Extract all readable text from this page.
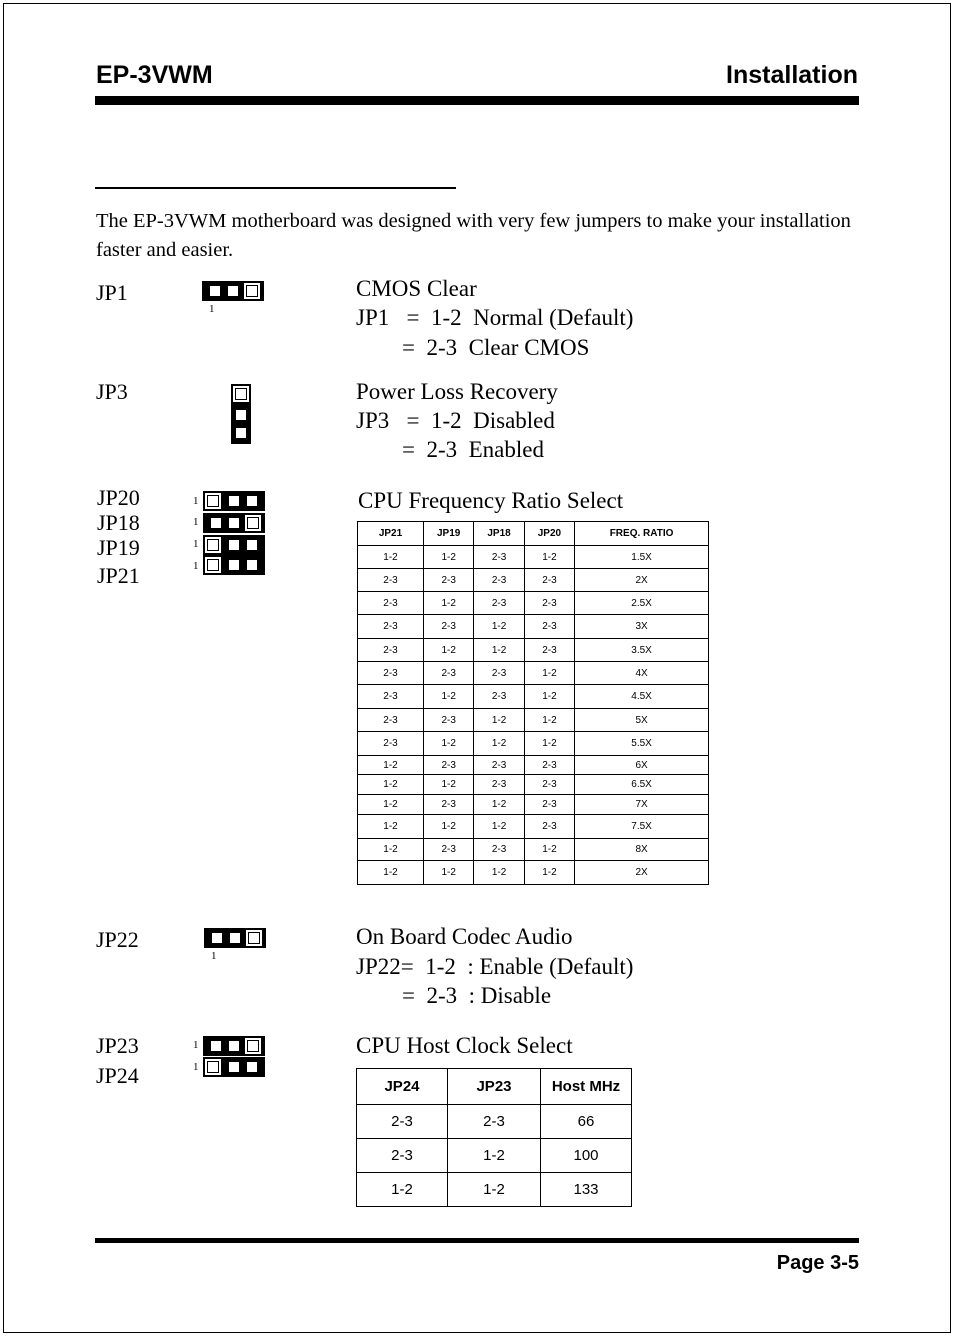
EP-3VWM	Installation
The EP-3VWM motherboard was designed with very few jumpers to make your installation faster and easier.
JP1
1
CMOS Clear
JP1   =  1-2  Normal (Default)
=  2-3  Clear CMOS
JP3	Power Loss Recovery
JP3   =  1-2  Disabled
=  2-3  Enabled
JP20
JP18
JP19
JP21
1
1
1
1
CPU Frequency Ratio Select
JP21	JP19	JP18	JP20	FREQ. RATIO
1-2	1-2	2-3	1-2	1.5X
2-3	2-3	2-3	2-3	2X
2-3	1-2	2-3	2-3	2.5X
2-3	2-3	1-2	2-3	3X
2-3	1-2	1-2	2-3	3.5X
2-3	2-3	2-3	1-2	4X
2-3	1-2	2-3	1-2	4.5X
2-3	2-3	1-2	1-2	5X
2-3	1-2	1-2	1-2	5.5X
1-2	2-3	2-3	2-3	6X
1-2	1-2	2-3	2-3	6.5X
1-2	2-3	1-2	2-3	7X
1-2	1-2	1-2	2-3	7.5X
1-2	2-3	2-3	1-2	8X
1-2	1-2	1-2	1-2	2X
JP22
1
On Board Codec Audio
JP22=  1-2  : Enable (Default)
=  2-3  : Disable
JP23
JP24
1
1
CPU Host Clock Select
JP24	JP23	Host MHz
2-3	2-3	66
2-3	1-2	100
1-2	1-2	133
Page 3-5
